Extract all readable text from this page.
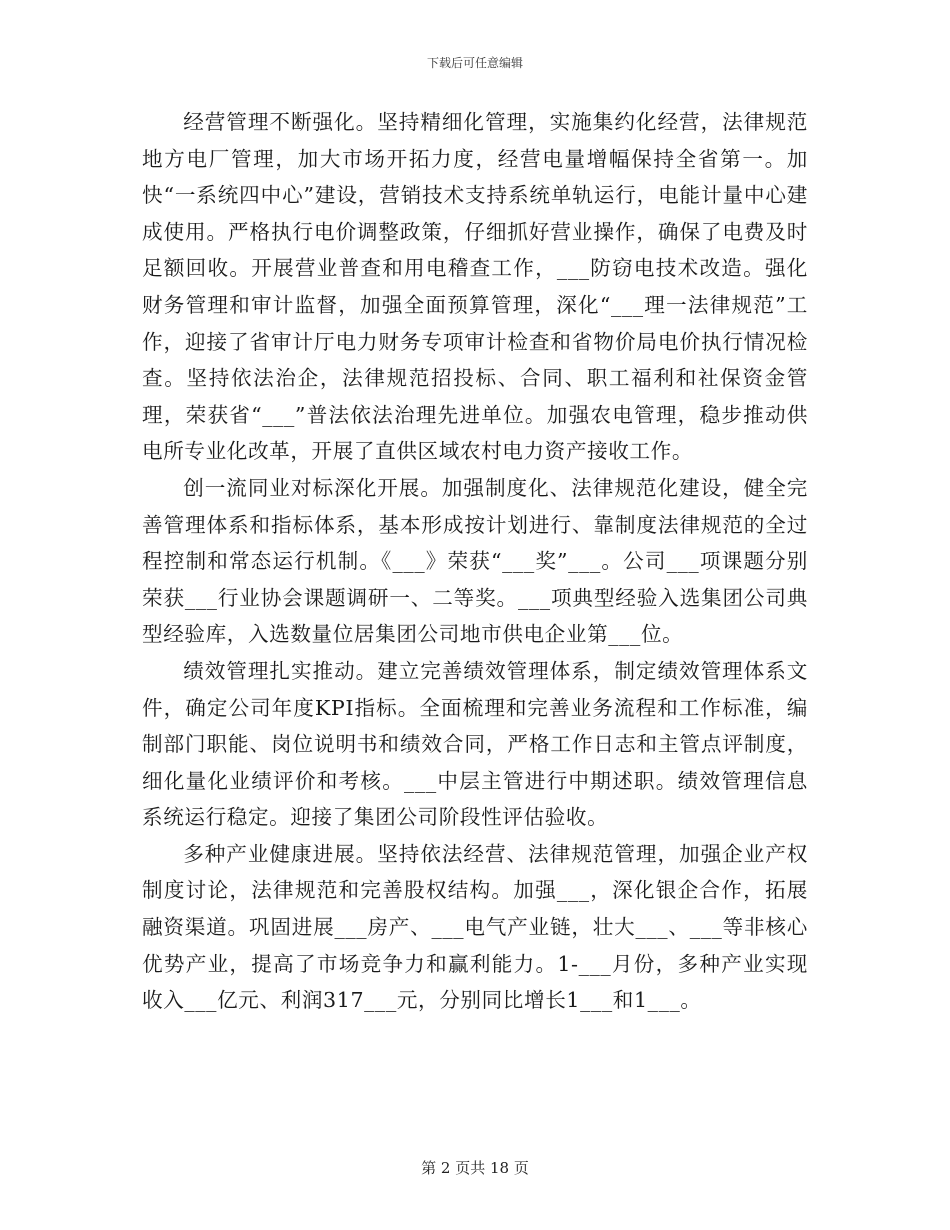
下载后可任意编辑

经营管理不断强化。坚持精细化管理，实施集约化经营，法律规范地方电厂管理，加大市场开拓力度，经营电量增幅保持全省第一。加快“一系统四中心”建设，营销技术支持系统单轨运行，电能计量中心建成使用。严格执行电价调整政策，仔细抓好营业操作，确保了电费及时足额回收。开展营业普查和用电稽查工作，___防窃电技术改造。强化财务管理和审计监督，加强全面预算管理，深化“___理一法律规范”工作，迎接了省审计厅电力财务专项审计检查和省物价局电价执行情况检查。坚持依法治企，法律规范招投标、合同、职工福利和社保资金管理，荣获省“___”普法依法治理先进单位。加强农电管理，稳步推动供电所专业化改革，开展了直供区域农村电力资产接收工作。

创一流同业对标深化开展。加强制度化、法律规范化建设，健全完善管理体系和指标体系，基本形成按计划进行、靠制度法律规范的全过程控制和常态运行机制。《___》荣获“___奖”___。公司___项课题分别荣获___行业协会课题调研一、二等奖。___项典型经验入选集团公司典型经验库，入选数量位居集团公司地市供电企业第___位。

绩效管理扎实推动。建立完善绩效管理体系，制定绩效管理体系文件，确定公司年度KPI指标。全面梳理和完善业务流程和工作标准，编制部门职能、岗位说明书和绩效合同，严格工作日志和主管点评制度，细化量化业绩评价和考核。___中层主管进行中期述职。绩效管理信息系统运行稳定。迎接了集团公司阶段性评估验收。

多种产业健康进展。坚持依法经营、法律规范管理，加强企业产权制度讨论，法律规范和完善股权结构。加强___，深化银企合作，拓展融资渠道。巩固进展___房产、___电气产业链，壮大___、___等非核心优势产业，提高了市场竞争力和赢利能力。1-___月份，多种产业实现收入___亿元、利润317___元，分别同比增长1___和1___。

第 2 页共 18 页
